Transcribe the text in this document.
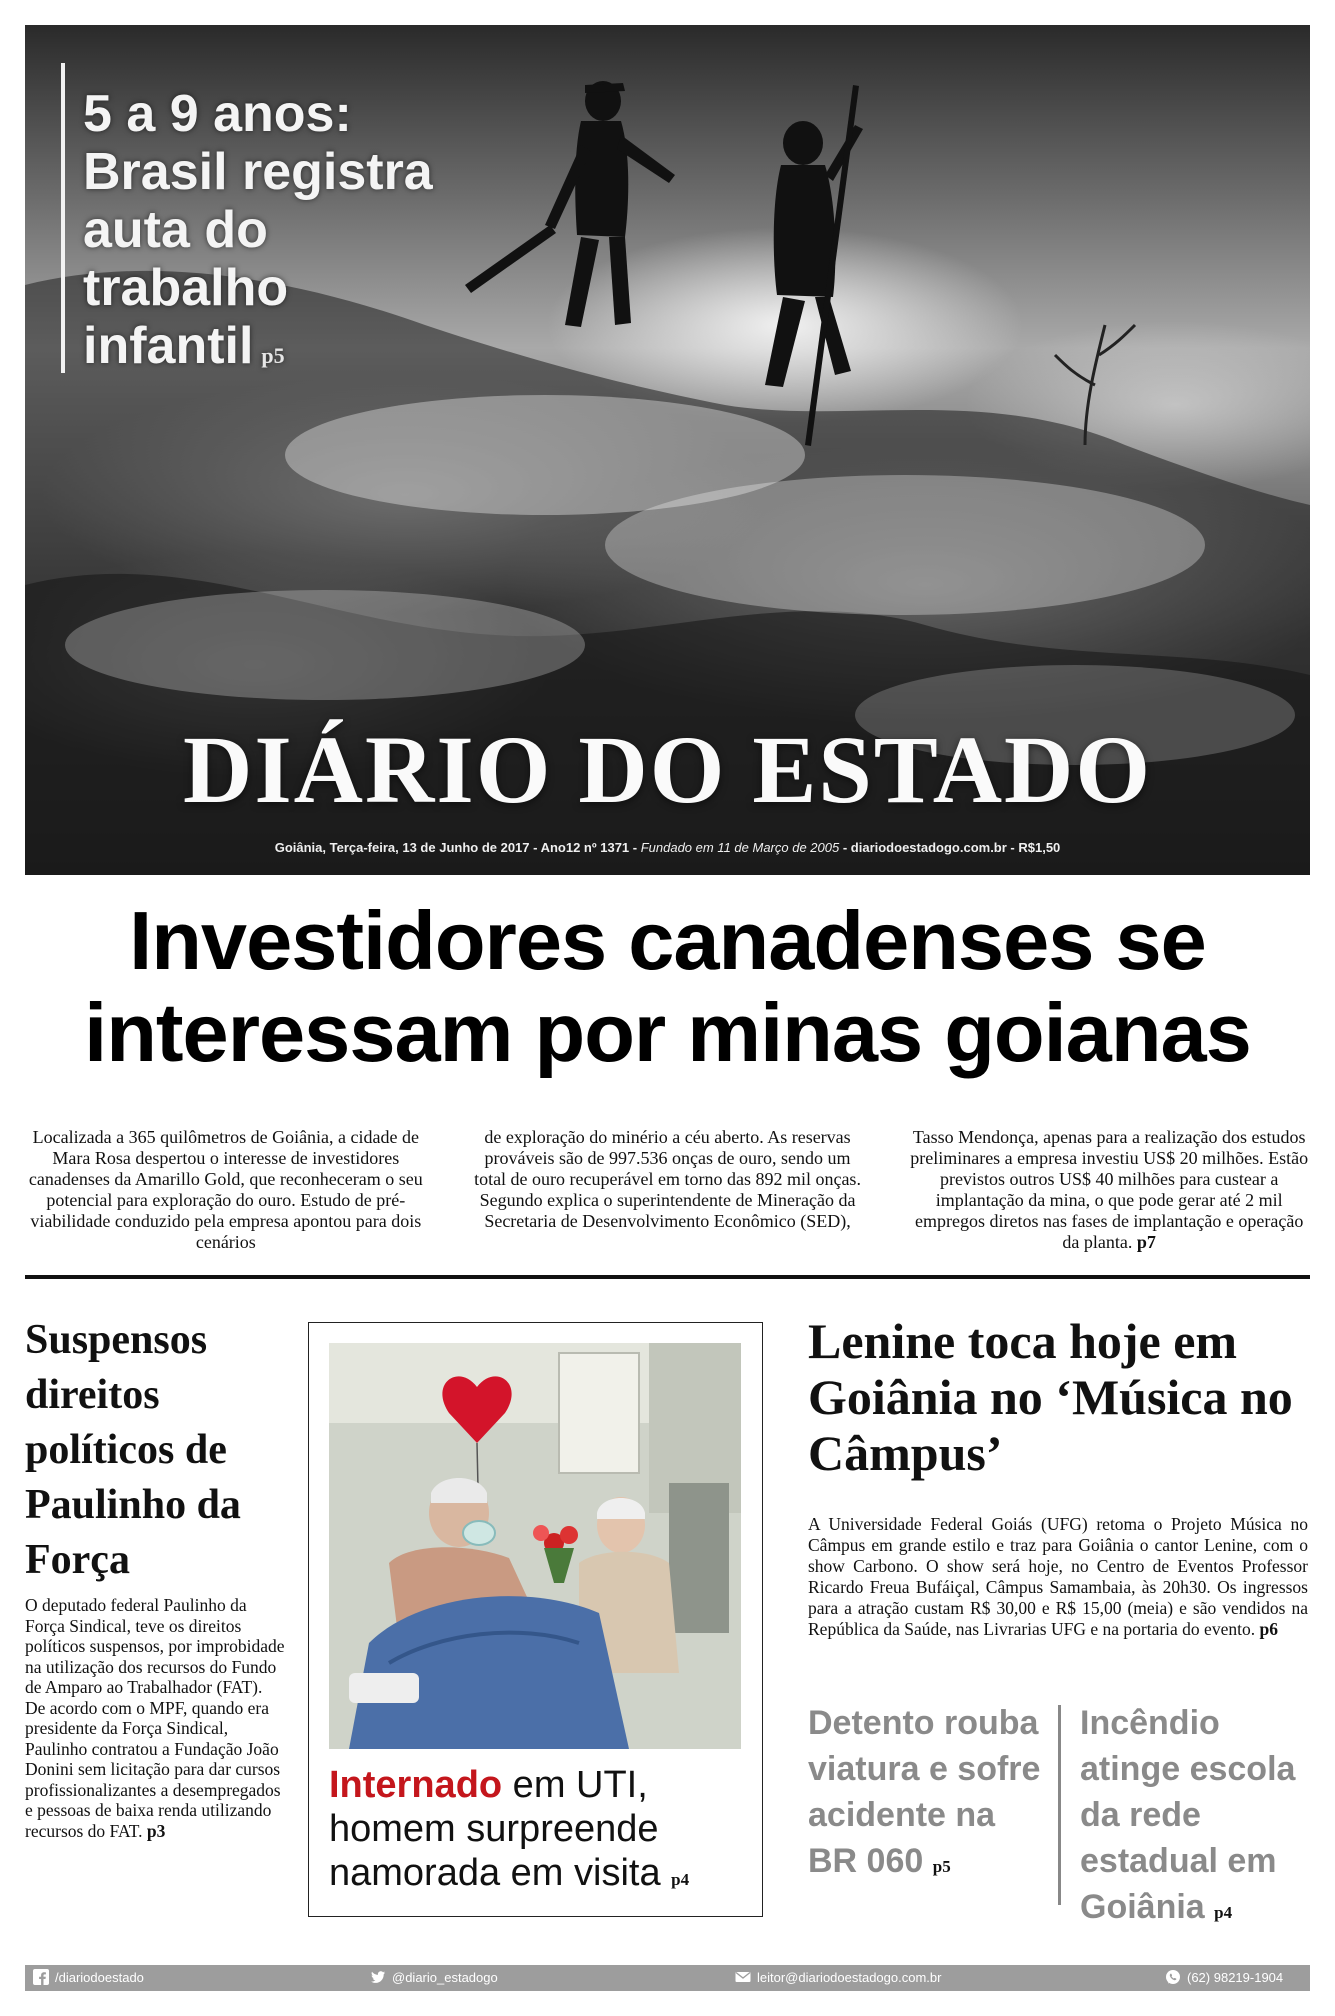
5 a 9 anos:
Brasil registra
auta do
trabalho
infantil p5
DIÁRIO DO ESTADO
Goiânia, Terça-feira, 13 de Junho de 2017 - Ano12 nº 1371 - Fundado em 11 de Março de 2005 - diariodoestadogo.com.br - R$1,50
Investidores canadenses se
interessam por minas goianas

Localizada a 365 quilômetros de Goiânia, a cidade de Mara Rosa despertou o interesse de investidores canadenses da Amarillo Gold, que reconheceram o seu potencial para exploração do ouro. Estudo de pré-viabilidade conduzido pela empresa apontou para dois cenários

de exploração do minério a céu aberto. As reservas prováveis são de 997.536 onças de ouro, sendo um total de ouro recuperável em torno das 892 mil onças. Segundo explica o superintendente de Mineração da Secretaria de Desenvolvimento Econômico (SED),

Tasso Mendonça, apenas para a realização dos estudos preliminares a empresa investiu US$ 20 milhões. Estão previstos outros US$ 40 milhões para custear a implantação da mina, o que pode gerar até 2 mil empregos diretos nas fases de implantação e operação da planta. p7

Suspensos direitos políticos de Paulinho da Força

O deputado federal Paulinho da Força Sindical, teve os direitos políticos suspensos, por improbidade na utilização dos recursos do Fundo de Amparo ao Trabalhador (FAT). De acordo com o MPF, quando era presidente da Força Sindical, Paulinho contratou a Fundação João Donini sem licitação para dar cursos profissionalizantes a desempregados e pessoas de baixa renda utilizando recursos do FAT. p3

Internado em UTI, homem surpreende namorada em visita p4

Lenine toca hoje em Goiânia no ‘Música no Câmpus’

A Universidade Federal Goiás (UFG) retoma o Projeto Música no Câmpus em grande estilo e traz para Goiânia o cantor Lenine, com o show Carbono. O show será hoje, no Centro de Eventos Professor Ricardo Freua Bufáiçal, Câmpus Samambaia, às 20h30. Os ingressos para a atração custam R$ 30,00 e R$ 15,00 (meia) e são vendidos na República da Saúde, nas Livrarias UFG e na portaria do evento. p6

Detento rouba viatura e sofre acidente na BR 060 p5
Incêndio atinge escola da rede estadual em Goiânia p4
/diariodoestado	@diario_estadogo	leitor@diariodoestadogo.com.br	(62) 98219-1904
